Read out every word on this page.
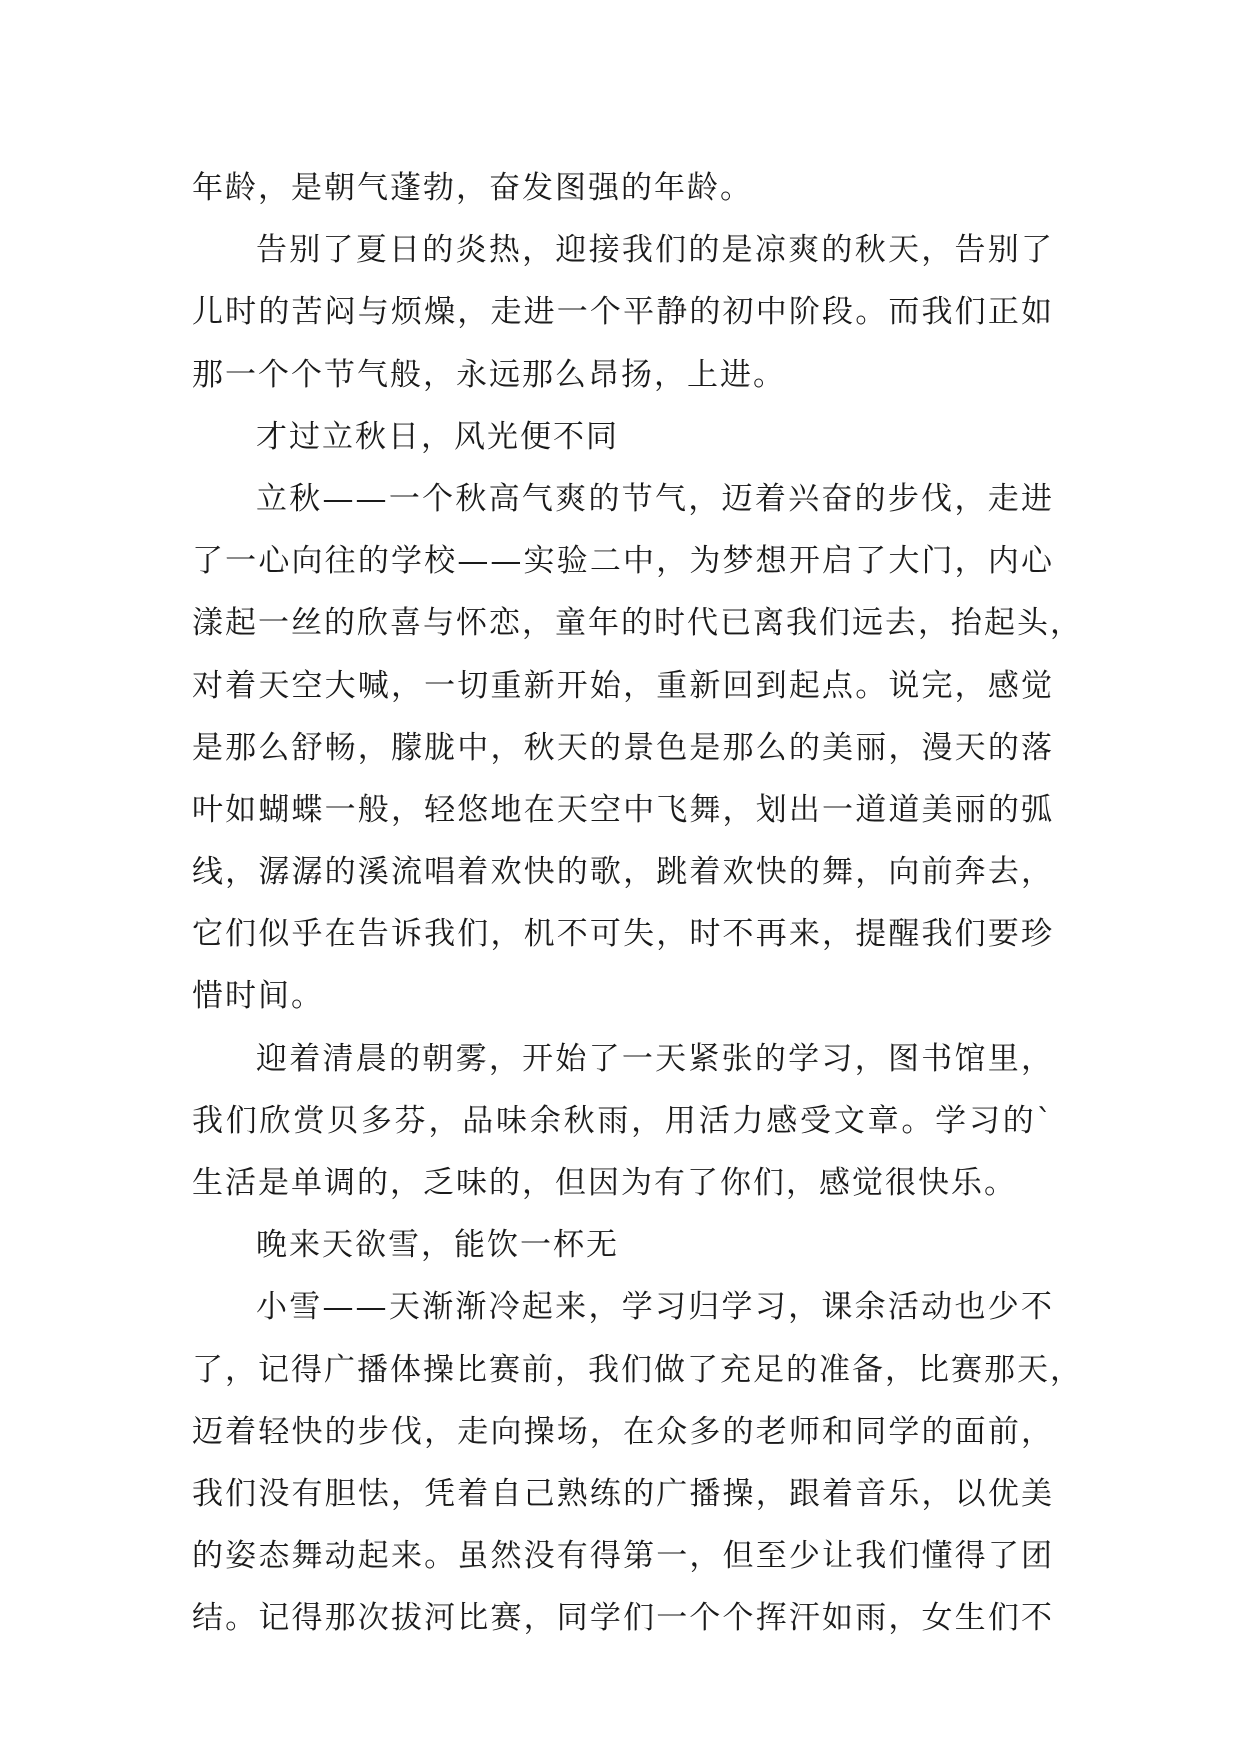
年龄，是朝气蓬勃，奋发图强的年龄。
告别了夏日的炎热，迎接我们的是凉爽的秋天，告别了
儿时的苦闷与烦燥，走进一个平静的初中阶段。而我们正如
那一个个节气般，永远那么昂扬，上进。
才过立秋日，风光便不同
立秋——一个秋高气爽的节气，迈着兴奋的步伐，走进
了一心向往的学校——实验二中，为梦想开启了大门，内心
漾起一丝的欣喜与怀恋，童年的时代已离我们远去，抬起头，
对着天空大喊，一切重新开始，重新回到起点。说完，感觉
是那么舒畅，朦胧中，秋天的景色是那么的美丽，漫天的落
叶如蝴蝶一般，轻悠地在天空中飞舞，划出一道道美丽的弧
线，潺潺的溪流唱着欢快的歌，跳着欢快的舞，向前奔去，
它们似乎在告诉我们，机不可失，时不再来，提醒我们要珍
惜时间。
迎着清晨的朝雾，开始了一天紧张的学习，图书馆里，
我们欣赏贝多芬，品味余秋雨，用活力感受文章。学习的`
生活是单调的，乏味的，但因为有了你们，感觉很快乐。
晚来天欲雪，能饮一杯无
小雪——天渐渐冷起来，学习归学习，课余活动也少不
了，记得广播体操比赛前，我们做了充足的准备，比赛那天，
迈着轻快的步伐，走向操场，在众多的老师和同学的面前，
我们没有胆怯，凭着自己熟练的广播操，跟着音乐，以优美
的姿态舞动起来。虽然没有得第一，但至少让我们懂得了团
结。记得那次拔河比赛，同学们一个个挥汗如雨，女生们不
